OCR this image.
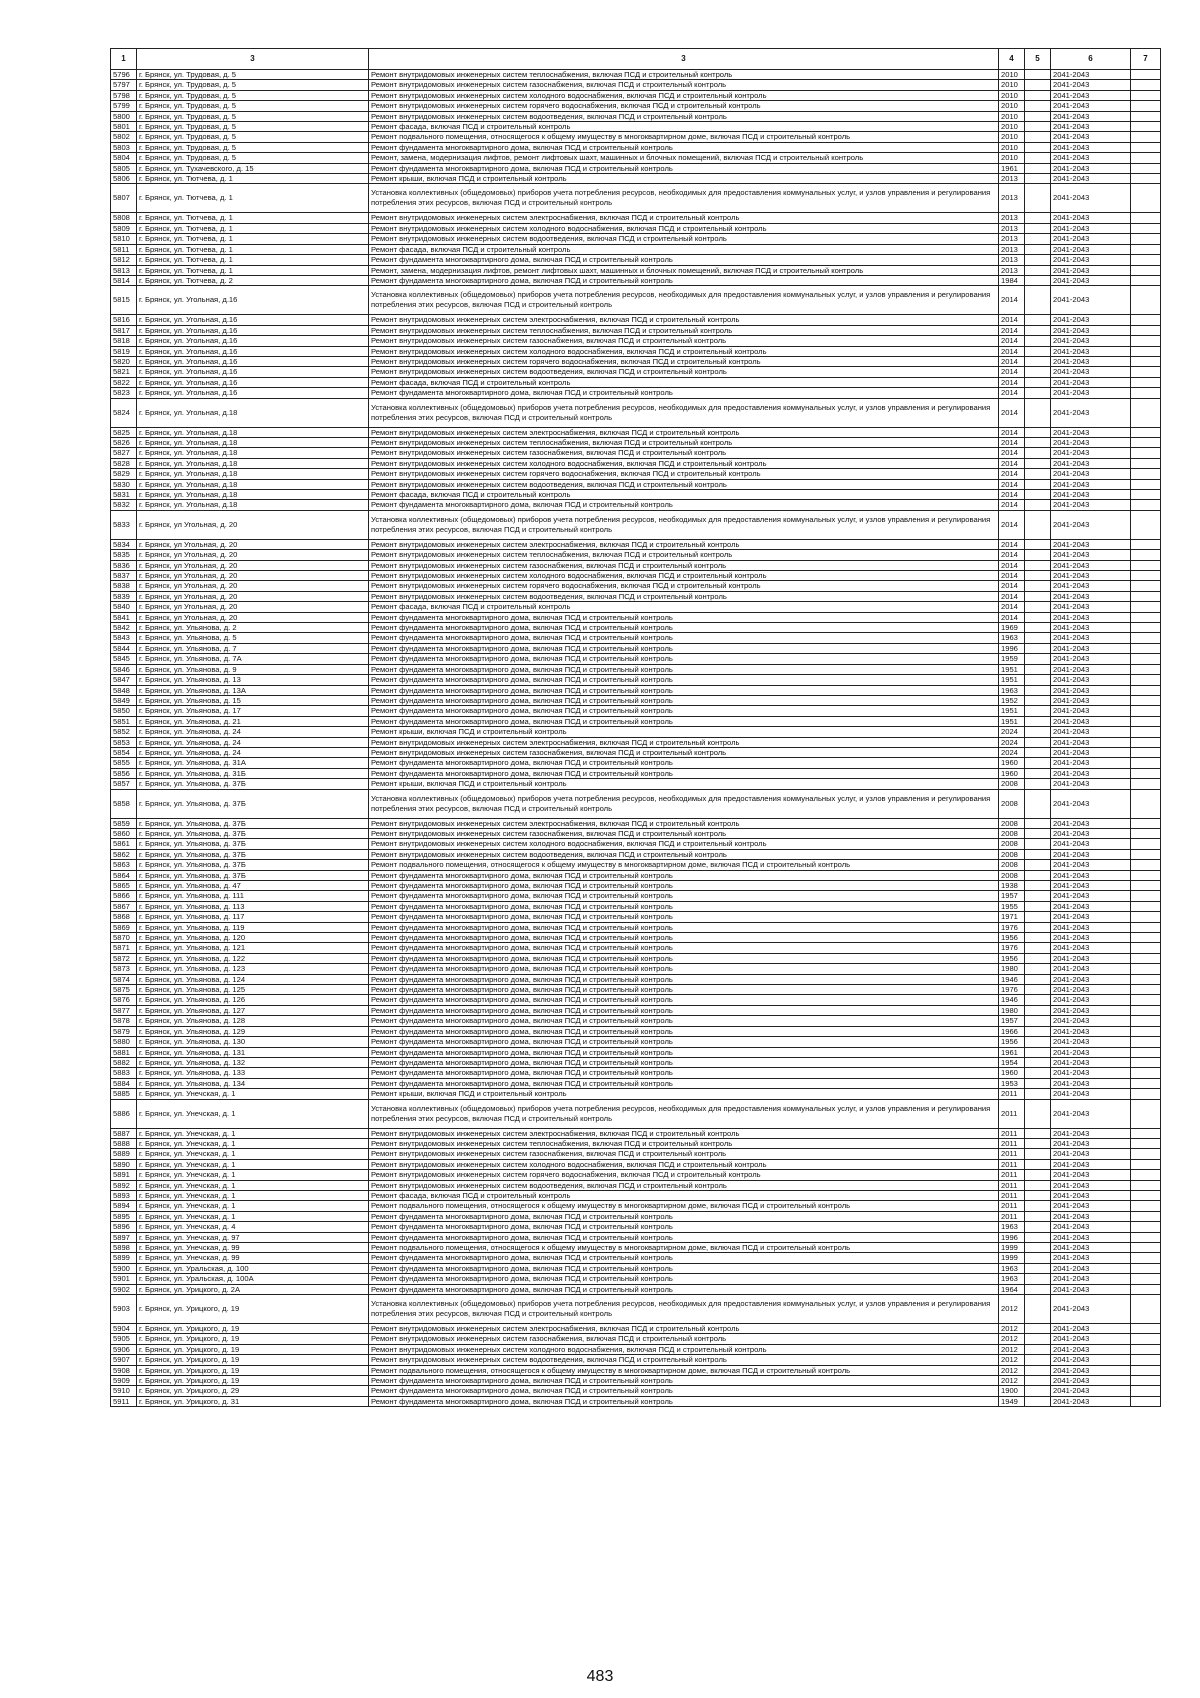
1	3	3	4	5	6	7
5796	г. Брянск, ул. Трудовая, д. 5	Ремонт внутридомовых инженерных систем теплоснабжения, включая ПСД и строительный контроль	2010		2041-2043	
5797	г. Брянск, ул. Трудовая, д. 5	Ремонт внутридомовых инженерных систем газоснабжения, включая ПСД и строительный контроль	2010		2041-2043	
5798	г. Брянск, ул. Трудовая, д. 5	Ремонт внутридомовых инженерных систем холодного водоснабжения, включая ПСД и строительный контроль	2010		2041-2043	
5799	г. Брянск, ул. Трудовая, д. 5	Ремонт внутридомовых инженерных систем горячего водоснабжения, включая ПСД и строительный контроль	2010		2041-2043	
5800	г. Брянск, ул. Трудовая, д. 5	Ремонт внутридомовых инженерных систем водоотведения, включая ПСД и строительный контроль	2010		2041-2043	
5801	г. Брянск, ул. Трудовая, д. 5	Ремонт фасада, включая ПСД и строительный контроль	2010		2041-2043	
5802	г. Брянск, ул. Трудовая, д. 5	Ремонт подвального помещения, относящегося к общему имуществу в многоквартирном доме, включая ПСД и строительный контроль	2010		2041-2043	
5803	г. Брянск, ул. Трудовая, д. 5	Ремонт фундамента многоквартирного дома, включая ПСД и строительный контроль	2010		2041-2043	
5804	г. Брянск, ул. Трудовая, д. 5	Ремонт, замена, модернизация лифтов, ремонт лифтовых шахт, машинных и блочных помещений, включая ПСД и строительный контроль	2010		2041-2043	
5805	г. Брянск, ул. Тухачевского, д. 15	Ремонт фундамента многоквартирного дома, включая ПСД и строительный контроль	1961		2041-2043	
5806	г. Брянск, ул. Тютчева, д. 1	Ремонт крыши, включая ПСД и строительный контроль	2013		2041-2043	
5807	г. Брянск, ул. Тютчева, д. 1	Установка коллективных (общедомовых) приборов учета потребления ресурсов, необходимых для предоставления коммунальных услуг, и узлов управления и регулирования потребления этих ресурсов, включая ПСД и строительный контроль	2013		2041-2043	
5808	г. Брянск, ул. Тютчева, д. 1	Ремонт внутридомовых инженерных систем электроснабжения, включая ПСД и строительный контроль	2013		2041-2043	
5809	г. Брянск, ул. Тютчева, д. 1	Ремонт внутридомовых инженерных систем холодного водоснабжения, включая ПСД и строительный контроль	2013		2041-2043	
5810	г. Брянск, ул. Тютчева, д. 1	Ремонт внутридомовых инженерных систем водоотведения, включая ПСД и строительный контроль	2013		2041-2043	
5811	г. Брянск, ул. Тютчева, д. 1	Ремонт фасада, включая ПСД и строительный контроль	2013		2041-2043	
5812	г. Брянск, ул. Тютчева, д. 1	Ремонт фундамента многоквартирного дома, включая ПСД и строительный контроль	2013		2041-2043	
5813	г. Брянск, ул. Тютчева, д. 1	Ремонт, замена, модернизация лифтов, ремонт лифтовых шахт, машинных и блочных помещений, включая ПСД и строительный контроль	2013		2041-2043	
5814	г. Брянск, ул. Тютчева, д. 2	Ремонт фундамента многоквартирного дома, включая ПСД и строительный контроль	1984		2041-2043	
5815	г. Брянск, ул. Угольная, д.16	Установка коллективных (общедомовых) приборов учета потребления ресурсов, необходимых для предоставления коммунальных услуг, и узлов управления и регулирования потребления этих ресурсов, включая ПСД и строительный контроль	2014		2041-2043	
5816	г. Брянск, ул. Угольная, д.16	Ремонт внутридомовых инженерных систем электроснабжения, включая ПСД и строительный контроль	2014		2041-2043	
5817	г. Брянск, ул. Угольная, д.16	Ремонт внутридомовых инженерных систем теплоснабжения, включая ПСД и строительный контроль	2014		2041-2043	
5818	г. Брянск, ул. Угольная, д.16	Ремонт внутридомовых инженерных систем газоснабжения, включая ПСД и строительный контроль	2014		2041-2043	
5819	г. Брянск, ул. Угольная, д.16	Ремонт внутридомовых инженерных систем холодного водоснабжения, включая ПСД и строительный контроль	2014		2041-2043	
5820	г. Брянск, ул. Угольная, д.16	Ремонт внутридомовых инженерных систем горячего водоснабжения, включая ПСД и строительный контроль	2014		2041-2043	
5821	г. Брянск, ул. Угольная, д.16	Ремонт внутридомовых инженерных систем водоотведения, включая ПСД и строительный контроль	2014		2041-2043	
5822	г. Брянск, ул. Угольная, д.16	Ремонт фасада, включая ПСД и строительный контроль	2014		2041-2043	
5823	г. Брянск, ул. Угольная, д.16	Ремонт фундамента многоквартирного дома, включая ПСД и строительный контроль	2014		2041-2043	
5824	г. Брянск, ул. Угольная, д.18	Установка коллективных (общедомовых) приборов учета потребления ресурсов, необходимых для предоставления коммунальных услуг, и узлов управления и регулирования потребления этих ресурсов, включая ПСД и строительный контроль	2014		2041-2043	
5825	г. Брянск, ул. Угольная, д.18	Ремонт внутридомовых инженерных систем электроснабжения, включая ПСД и строительный контроль	2014		2041-2043	
5826	г. Брянск, ул. Угольная, д.18	Ремонт внутридомовых инженерных систем теплоснабжения, включая ПСД и строительный контроль	2014		2041-2043	
5827	г. Брянск, ул. Угольная, д.18	Ремонт внутридомовых инженерных систем газоснабжения, включая ПСД и строительный контроль	2014		2041-2043	
5828	г. Брянск, ул. Угольная, д.18	Ремонт внутридомовых инженерных систем холодного водоснабжения, включая ПСД и строительный контроль	2014		2041-2043	
5829	г. Брянск, ул. Угольная, д.18	Ремонт внутридомовых инженерных систем горячего водоснабжения, включая ПСД и строительный контроль	2014		2041-2043	
5830	г. Брянск, ул. Угольная, д.18	Ремонт внутридомовых инженерных систем водоотведения, включая ПСД и строительный контроль	2014		2041-2043	
5831	г. Брянск, ул. Угольная, д.18	Ремонт фасада, включая ПСД и строительный контроль	2014		2041-2043	
5832	г. Брянск, ул. Угольная, д.18	Ремонт фундамента многоквартирного дома, включая ПСД и строительный контроль	2014		2041-2043	
5833	г. Брянск, ул Угольная, д. 20	Установка коллективных (общедомовых) приборов учета потребления ресурсов, необходимых для предоставления коммунальных услуг, и узлов управления и регулирования потребления этих ресурсов, включая ПСД и строительный контроль	2014		2041-2043	
5834	г. Брянск, ул Угольная, д. 20	Ремонт внутридомовых инженерных систем электроснабжения, включая ПСД и строительный контроль	2014		2041-2043	
5835	г. Брянск, ул Угольная, д. 20	Ремонт внутридомовых инженерных систем теплоснабжения, включая ПСД и строительный контроль	2014		2041-2043	
5836	г. Брянск, ул Угольная, д. 20	Ремонт внутридомовых инженерных систем газоснабжения, включая ПСД и строительный контроль	2014		2041-2043	
5837	г. Брянск, ул Угольная, д. 20	Ремонт внутридомовых инженерных систем холодного водоснабжения, включая ПСД и строительный контроль	2014		2041-2043	
5838	г. Брянск, ул Угольная, д. 20	Ремонт внутридомовых инженерных систем горячего водоснабжения, включая ПСД и строительный контроль	2014		2041-2043	
5839	г. Брянск, ул Угольная, д. 20	Ремонт внутридомовых инженерных систем водоотведения, включая ПСД и строительный контроль	2014		2041-2043	
5840	г. Брянск, ул Угольная, д. 20	Ремонт фасада, включая ПСД и строительный контроль	2014		2041-2043	
5841	г. Брянск, ул Угольная, д. 20	Ремонт фундамента многоквартирного дома, включая ПСД и строительный контроль	2014		2041-2043	
5842	г. Брянск, ул. Ульянова, д. 2	Ремонт фундамента многоквартирного дома, включая ПСД и строительный контроль	1969		2041-2043	
5843	г. Брянск, ул. Ульянова, д. 5	Ремонт фундамента многоквартирного дома, включая ПСД и строительный контроль	1963		2041-2043	
5844	г. Брянск, ул. Ульянова, д. 7	Ремонт фундамента многоквартирного дома, включая ПСД и строительный контроль	1996		2041-2043	
5845	г. Брянск, ул. Ульянова, д. 7А	Ремонт фундамента многоквартирного дома, включая ПСД и строительный контроль	1959		2041-2043	
5846	г. Брянск, ул. Ульянова, д. 9	Ремонт фундамента многоквартирного дома, включая ПСД и строительный контроль	1951		2041-2043	
5847	г. Брянск, ул. Ульянова, д. 13	Ремонт фундамента многоквартирного дома, включая ПСД и строительный контроль	1951		2041-2043	
5848	г. Брянск, ул. Ульянова, д. 13А	Ремонт фундамента многоквартирного дома, включая ПСД и строительный контроль	1963		2041-2043	
5849	г. Брянск, ул. Ульянова, д. 15	Ремонт фундамента многоквартирного дома, включая ПСД и строительный контроль	1952		2041-2043	
5850	г. Брянск, ул. Ульянова, д. 17	Ремонт фундамента многоквартирного дома, включая ПСД и строительный контроль	1951		2041-2043	
5851	г. Брянск, ул. Ульянова, д. 21	Ремонт фундамента многоквартирного дома, включая ПСД и строительный контроль	1951		2041-2043	
5852	г. Брянск, ул. Ульянова, д. 24	Ремонт крыши, включая ПСД и строительный контроль	2024		2041-2043	
5853	г. Брянск, ул. Ульянова, д. 24	Ремонт внутридомовых инженерных систем электроснабжения, включая ПСД и строительный контроль	2024		2041-2043	
5854	г. Брянск, ул. Ульянова, д. 24	Ремонт внутридомовых инженерных систем газоснабжения, включая ПСД и строительный контроль	2024		2041-2043	
5855	г. Брянск, ул. Ульянова, д. 31А	Ремонт фундамента многоквартирного дома, включая ПСД и строительный контроль	1960		2041-2043	
5856	г. Брянск, ул. Ульянова, д. 31Б	Ремонт фундамента многоквартирного дома, включая ПСД и строительный контроль	1960		2041-2043	
5857	г. Брянск, ул. Ульянова, д. 37Б	Ремонт крыши, включая ПСД и строительный контроль	2008		2041-2043	
5858	г. Брянск, ул. Ульянова, д. 37Б	Установка коллективных (общедомовых) приборов учета потребления ресурсов, необходимых для предоставления коммунальных услуг, и узлов управления и регулирования потребления этих ресурсов, включая ПСД и строительный контроль	2008		2041-2043	
5859	г. Брянск, ул. Ульянова, д. 37Б	Ремонт внутридомовых инженерных систем электроснабжения, включая ПСД и строительный контроль	2008		2041-2043	
5860	г. Брянск, ул. Ульянова, д. 37Б	Ремонт внутридомовых инженерных систем газоснабжения, включая ПСД и строительный контроль	2008		2041-2043	
5861	г. Брянск, ул. Ульянова, д. 37Б	Ремонт внутридомовых инженерных систем холодного водоснабжения, включая ПСД и строительный контроль	2008		2041-2043	
5862	г. Брянск, ул. Ульянова, д. 37Б	Ремонт внутридомовых инженерных систем водоотведения, включая ПСД и строительный контроль	2008		2041-2043	
5863	г. Брянск, ул. Ульянова, д. 37Б	Ремонт подвального помещения, относящегося к общему имуществу в многоквартирном доме, включая ПСД и строительный контроль	2008		2041-2043	
5864	г. Брянск, ул. Ульянова, д. 37Б	Ремонт фундамента многоквартирного дома, включая ПСД и строительный контроль	2008		2041-2043	
5865	г. Брянск, ул. Ульянова, д. 47	Ремонт фундамента многоквартирного дома, включая ПСД и строительный контроль	1938		2041-2043	
5866	г. Брянск, ул. Ульянова, д. 111	Ремонт фундамента многоквартирного дома, включая ПСД и строительный контроль	1957		2041-2043	
5867	г. Брянск, ул. Ульянова, д. 113	Ремонт фундамента многоквартирного дома, включая ПСД и строительный контроль	1955		2041-2043	
5868	г. Брянск, ул. Ульянова, д. 117	Ремонт фундамента многоквартирного дома, включая ПСД и строительный контроль	1971		2041-2043	
5869	г. Брянск, ул. Ульянова, д. 119	Ремонт фундамента многоквартирного дома, включая ПСД и строительный контроль	1976		2041-2043	
5870	г. Брянск, ул. Ульянова, д. 120	Ремонт фундамента многоквартирного дома, включая ПСД и строительный контроль	1956		2041-2043	
5871	г. Брянск, ул. Ульянова, д. 121	Ремонт фундамента многоквартирного дома, включая ПСД и строительный контроль	1976		2041-2043	
5872	г. Брянск, ул. Ульянова, д. 122	Ремонт фундамента многоквартирного дома, включая ПСД и строительный контроль	1956		2041-2043	
5873	г. Брянск, ул. Ульянова, д. 123	Ремонт фундамента многоквартирного дома, включая ПСД и строительный контроль	1980		2041-2043	
5874	г. Брянск, ул. Ульянова, д. 124	Ремонт фундамента многоквартирного дома, включая ПСД и строительный контроль	1946		2041-2043	
5875	г. Брянск, ул. Ульянова, д. 125	Ремонт фундамента многоквартирного дома, включая ПСД и строительный контроль	1976		2041-2043	
5876	г. Брянск, ул. Ульянова, д. 126	Ремонт фундамента многоквартирного дома, включая ПСД и строительный контроль	1946		2041-2043	
5877	г. Брянск, ул. Ульянова, д. 127	Ремонт фундамента многоквартирного дома, включая ПСД и строительный контроль	1980		2041-2043	
5878	г. Брянск, ул. Ульянова, д. 128	Ремонт фундамента многоквартирного дома, включая ПСД и строительный контроль	1957		2041-2043	
5879	г. Брянск, ул. Ульянова, д. 129	Ремонт фундамента многоквартирного дома, включая ПСД и строительный контроль	1966		2041-2043	
5880	г. Брянск, ул. Ульянова, д. 130	Ремонт фундамента многоквартирного дома, включая ПСД и строительный контроль	1956		2041-2043	
5881	г. Брянск, ул. Ульянова, д. 131	Ремонт фундамента многоквартирного дома, включая ПСД и строительный контроль	1961		2041-2043	
5882	г. Брянск, ул. Ульянова, д. 132	Ремонт фундамента многоквартирного дома, включая ПСД и строительный контроль	1954		2041-2043	
5883	г. Брянск, ул. Ульянова, д. 133	Ремонт фундамента многоквартирного дома, включая ПСД и строительный контроль	1960		2041-2043	
5884	г. Брянск, ул. Ульянова, д. 134	Ремонт фундамента многоквартирного дома, включая ПСД и строительный контроль	1953		2041-2043	
5885	г. Брянск, ул. Унечская, д. 1	Ремонт крыши, включая ПСД и строительный контроль	2011		2041-2043	
5886	г. Брянск, ул. Унечская, д. 1	Установка коллективных (общедомовых) приборов учета потребления ресурсов, необходимых для предоставления коммунальных услуг, и узлов управления и регулирования потребления этих ресурсов, включая ПСД и строительный контроль	2011		2041-2043	
5887	г. Брянск, ул. Унечская, д. 1	Ремонт внутридомовых инженерных систем электроснабжения, включая ПСД и строительный контроль	2011		2041-2043	
5888	г. Брянск, ул. Унечская, д. 1	Ремонт внутридомовых инженерных систем теплоснабжения, включая ПСД и строительный контроль	2011		2041-2043	
5889	г. Брянск, ул. Унечская, д. 1	Ремонт внутридомовых инженерных систем газоснабжения, включая ПСД и строительный контроль	2011		2041-2043	
5890	г. Брянск, ул. Унечская, д. 1	Ремонт внутридомовых инженерных систем холодного водоснабжения, включая ПСД и строительный контроль	2011		2041-2043	
5891	г. Брянск, ул. Унечская, д. 1	Ремонт внутридомовых инженерных систем горячего водоснабжения, включая ПСД и строительный контроль	2011		2041-2043	
5892	г. Брянск, ул. Унечская, д. 1	Ремонт внутридомовых инженерных систем водоотведения, включая ПСД и строительный контроль	2011		2041-2043	
5893	г. Брянск, ул. Унечская, д. 1	Ремонт фасада, включая ПСД и строительный контроль	2011		2041-2043	
5894	г. Брянск, ул. Унечская, д. 1	Ремонт подвального помещения, относящегося к общему имуществу в многоквартирном доме, включая ПСД и строительный контроль	2011		2041-2043	
5895	г. Брянск, ул. Унечская, д. 1	Ремонт фундамента многоквартирного дома, включая ПСД и строительный контроль	2011		2041-2043	
5896	г. Брянск, ул. Унечская, д. 4	Ремонт фундамента многоквартирного дома, включая ПСД и строительный контроль	1963		2041-2043	
5897	г. Брянск, ул. Унечская, д. 97	Ремонт фундамента многоквартирного дома, включая ПСД и строительный контроль	1996		2041-2043	
5898	г. Брянск, ул. Унечская, д. 99	Ремонт подвального помещения, относящегося к общему имуществу в многоквартирном доме, включая ПСД и строительный контроль	1999		2041-2043	
5899	г. Брянск, ул. Унечская, д. 99	Ремонт фундамента многоквартирного дома, включая ПСД и строительный контроль	1999		2041-2043	
5900	г. Брянск, ул. Уральская, д. 100	Ремонт фундамента многоквартирного дома, включая ПСД и строительный контроль	1963		2041-2043	
5901	г. Брянск, ул. Уральская, д. 100А	Ремонт фундамента многоквартирного дома, включая ПСД и строительный контроль	1963		2041-2043	
5902	г. Брянск, ул. Урицкого, д. 2А	Ремонт фундамента многоквартирного дома, включая ПСД и строительный контроль	1964		2041-2043	
5903	г. Брянск, ул. Урицкого, д. 19	Установка коллективных (общедомовых) приборов учета потребления ресурсов, необходимых для предоставления коммунальных услуг, и узлов управления и регулирования потребления этих ресурсов, включая ПСД и строительный контроль	2012		2041-2043	
5904	г. Брянск, ул. Урицкого, д. 19	Ремонт внутридомовых инженерных систем электроснабжения, включая ПСД и строительный контроль	2012		2041-2043	
5905	г. Брянск, ул. Урицкого, д. 19	Ремонт внутридомовых инженерных систем газоснабжения, включая ПСД и строительный контроль	2012		2041-2043	
5906	г. Брянск, ул. Урицкого, д. 19	Ремонт внутридомовых инженерных систем холодного водоснабжения, включая ПСД и строительный контроль	2012		2041-2043	
5907	г. Брянск, ул. Урицкого, д. 19	Ремонт внутридомовых инженерных систем водоотведения, включая ПСД и строительный контроль	2012		2041-2043	
5908	г. Брянск, ул. Урицкого, д. 19	Ремонт подвального помещения, относящегося к общему имуществу в многоквартирном доме, включая ПСД и строительный контроль	2012		2041-2043	
5909	г. Брянск, ул. Урицкого, д. 19	Ремонт фундамента многоквартирного дома, включая ПСД и строительный контроль	2012		2041-2043	
5910	г. Брянск, ул. Урицкого, д. 29	Ремонт фундамента многоквартирного дома, включая ПСД и строительный контроль	1900		2041-2043	
5911	г. Брянск, ул. Урицкого, д. 31	Ремонт фундамента многоквартирного дома, включая ПСД и строительный контроль	1949		2041-2043	
483
